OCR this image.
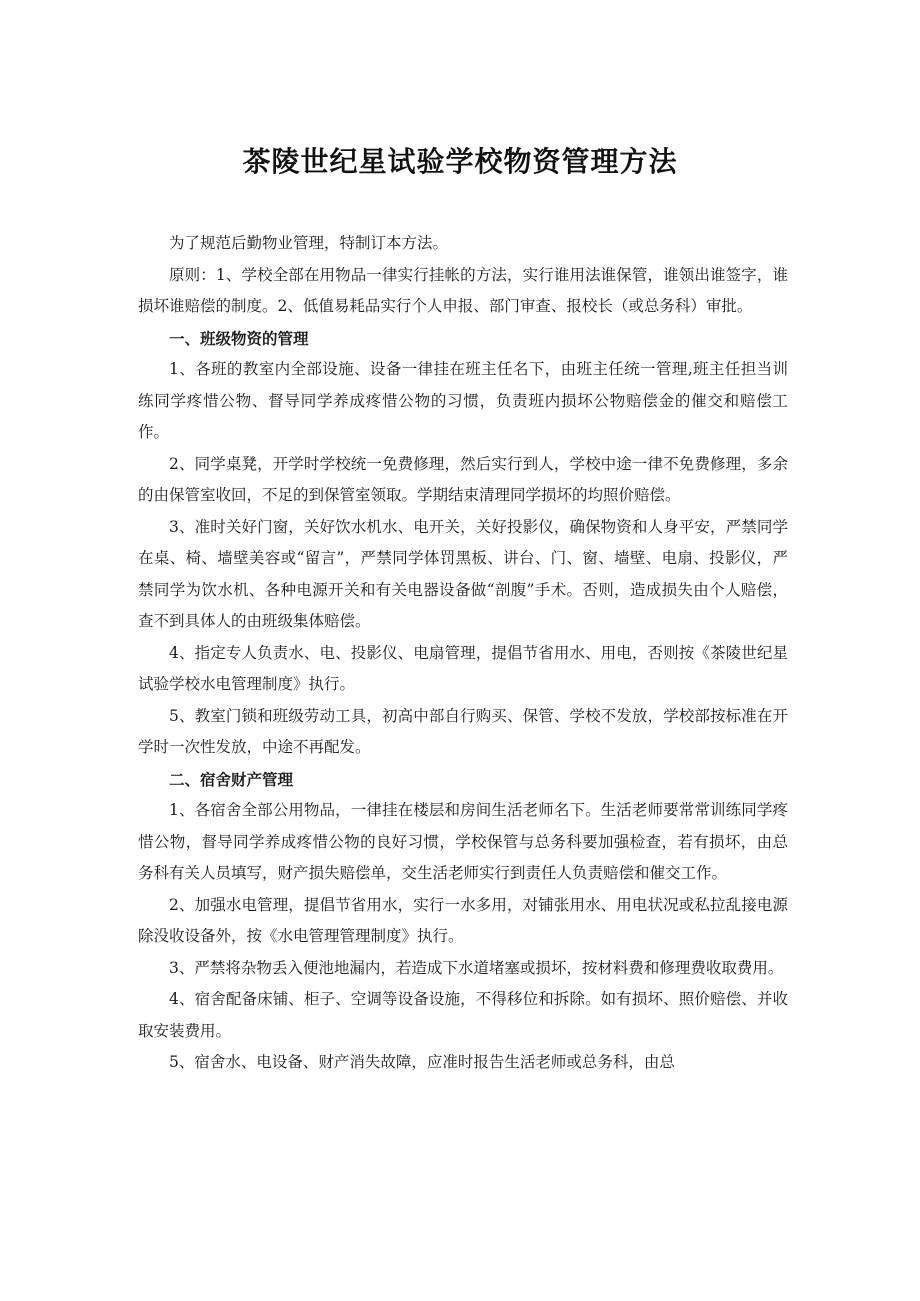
茶陵世纪星试验学校物资管理方法

为了规范后勤物业管理，特制订本方法。

原则：1、学校全部在用物品一律实行挂帐的方法，实行谁用法谁保管，谁领出谁签字，谁损坏谁赔偿的制度。2、低值易耗品实行个人申报、部门审查、报校长（或总务科）审批。

一、班级物资的管理

1、各班的教室内全部设施、设备一律挂在班主任名下，由班主任统一管理,班主任担当训练同学疼惜公物、督导同学养成疼惜公物的习惯，负责班内损坏公物赔偿金的催交和赔偿工作。

2、同学桌凳，开学时学校统一免费修理，然后实行到人，学校中途一律不免费修理，多余的由保管室收回，不足的到保管室领取。学期结束清理同学损坏的均照价赔偿。

3、准时关好门窗，关好饮水机水、电开关，关好投影仪，确保物资和人身平安，严禁同学在桌、椅、墙壁美容或“留言”，严禁同学体罚黑板、讲台、门、窗、墙壁、电扇、投影仪，严禁同学为饮水机、各种电源开关和有关电器设备做“剖腹”手术。否则，造成损失由个人赔偿，查不到具体人的由班级集体赔偿。

4、指定专人负责水、电、投影仪、电扇管理，提倡节省用水、用电，否则按《茶陵世纪星试验学校水电管理制度》执行。

5、教室门锁和班级劳动工具，初高中部自行购买、保管、学校不发放，学校部按标准在开学时一次性发放，中途不再配发。

二、宿舍财产管理

1、各宿舍全部公用物品，一律挂在楼层和房间生活老师名下。生活老师要常常训练同学疼惜公物，督导同学养成疼惜公物的良好习惯，学校保管与总务科要加强检查，若有损坏，由总务科有关人员填写，财产损失赔偿单，交生活老师实行到责任人负责赔偿和催交工作。

2、加强水电管理，提倡节省用水，实行一水多用，对铺张用水、用电状况或私拉乱接电源除没收设备外，按《水电管理管理制度》执行。

3、严禁将杂物丢入便池地漏内，若造成下水道堵塞或损坏，按材料费和修理费收取费用。

4、宿舍配备床铺、柜子、空调等设备设施，不得移位和拆除。如有损坏、照价赔偿、并收取安装费用。

5、宿舍水、电设备、财产消失故障，应准时报告生活老师或总务科，由总
